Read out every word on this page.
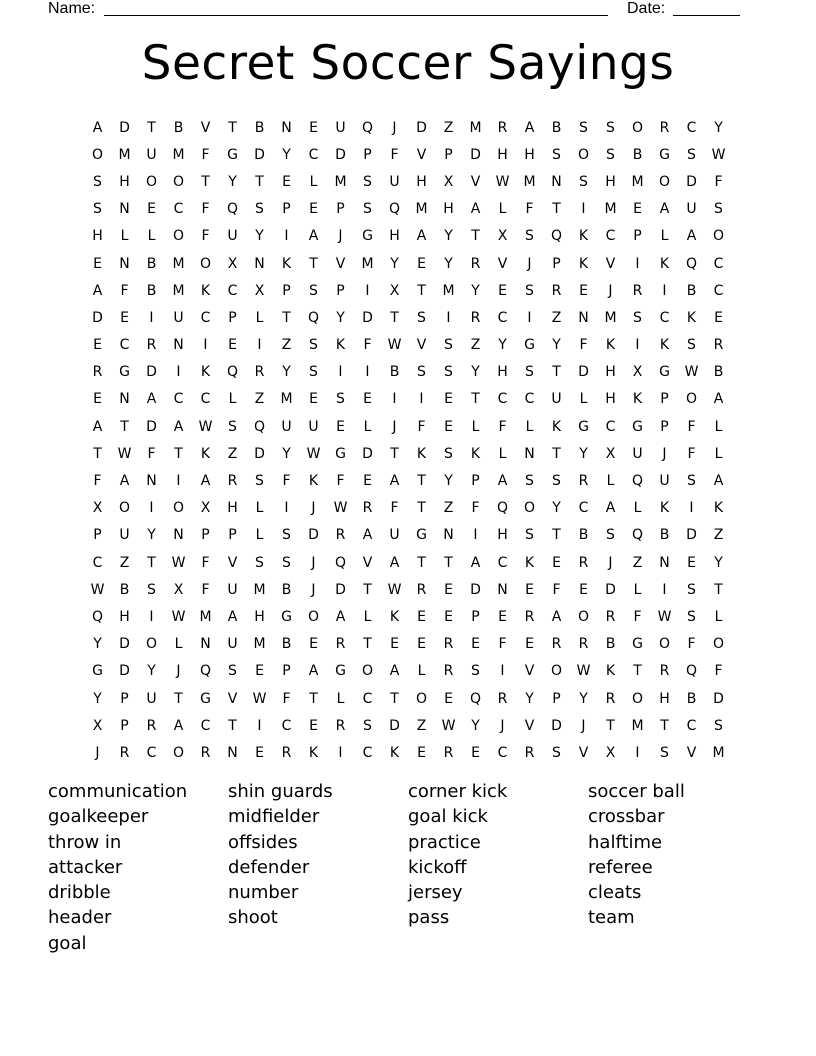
Name:	Date:
Secret Soccer Sayings
A	D	T	B	V	T	B	N	E	U	Q	J	D	Z	M	R	A	B	S	S	O	R	C	Y
O	M	U	M	F	G	D	Y	C	D	P	F	V	P	D	H	H	S	O	S	B	G	S	W
S	H	O	O	T	Y	T	E	L	M	S	U	H	X	V	W	M	N	S	H	M	O	D	F
S	N	E	C	F	Q	S	P	E	P	S	Q	M	H	A	L	F	T	I	M	E	A	U	S
H	L	L	O	F	U	Y	I	A	J	G	H	A	Y	T	X	S	Q	K	C	P	L	A	O
E	N	B	M	O	X	N	K	T	V	M	Y	E	Y	R	V	J	P	K	V	I	K	Q	C
A	F	B	M	K	C	X	P	S	P	I	X	T	M	Y	E	S	R	E	J	R	I	B	C
D	E	I	U	C	P	L	T	Q	Y	D	T	S	I	R	C	I	Z	N	M	S	C	K	E
E	C	R	N	I	E	I	Z	S	K	F	W	V	S	Z	Y	G	Y	F	K	I	K	S	R
R	G	D	I	K	Q	R	Y	S	I	I	B	S	S	Y	H	S	T	D	H	X	G	W	B
E	N	A	C	C	L	Z	M	E	S	E	I	I	E	T	C	C	U	L	H	K	P	O	A
A	T	D	A	W	S	Q	U	U	E	L	J	F	E	L	F	L	K	G	C	G	P	F	L
T	W	F	T	K	Z	D	Y	W	G	D	T	K	S	K	L	N	T	Y	X	U	J	F	L
F	A	N	I	A	R	S	F	K	F	E	A	T	Y	P	A	S	S	R	L	Q	U	S	A
X	O	I	O	X	H	L	I	J	W	R	F	T	Z	F	Q	O	Y	C	A	L	K	I	K
P	U	Y	N	P	P	L	S	D	R	A	U	G	N	I	H	S	T	B	S	Q	B	D	Z
C	Z	T	W	F	V	S	S	J	Q	V	A	T	T	A	C	K	E	R	J	Z	N	E	Y
W	B	S	X	F	U	M	B	J	D	T	W	R	E	D	N	E	F	E	D	L	I	S	T
Q	H	I	W	M	A	H	G	O	A	L	K	E	E	P	E	R	A	O	R	F	W	S	L
Y	D	O	L	N	U	M	B	E	R	T	E	E	R	E	F	E	R	R	B	G	O	F	O
G	D	Y	J	Q	S	E	P	A	G	O	A	L	R	S	I	V	O	W	K	T	R	Q	F
Y	P	U	T	G	V	W	F	T	L	C	T	O	E	Q	R	Y	P	Y	R	O	H	B	D
X	P	R	A	C	T	I	C	E	R	S	D	Z	W	Y	J	V	D	J	T	M	T	C	S
J	R	C	O	R	N	E	R	K	I	C	K	E	R	E	C	R	S	V	X	I	S	V	M
communication	shin guards	corner kick	soccer ball
goalkeeper	midfielder	goal kick	crossbar
throw in	offsides	practice	halftime
attacker	defender	kickoff	referee
dribble	number	jersey	cleats
header	shoot	pass	team
goal
